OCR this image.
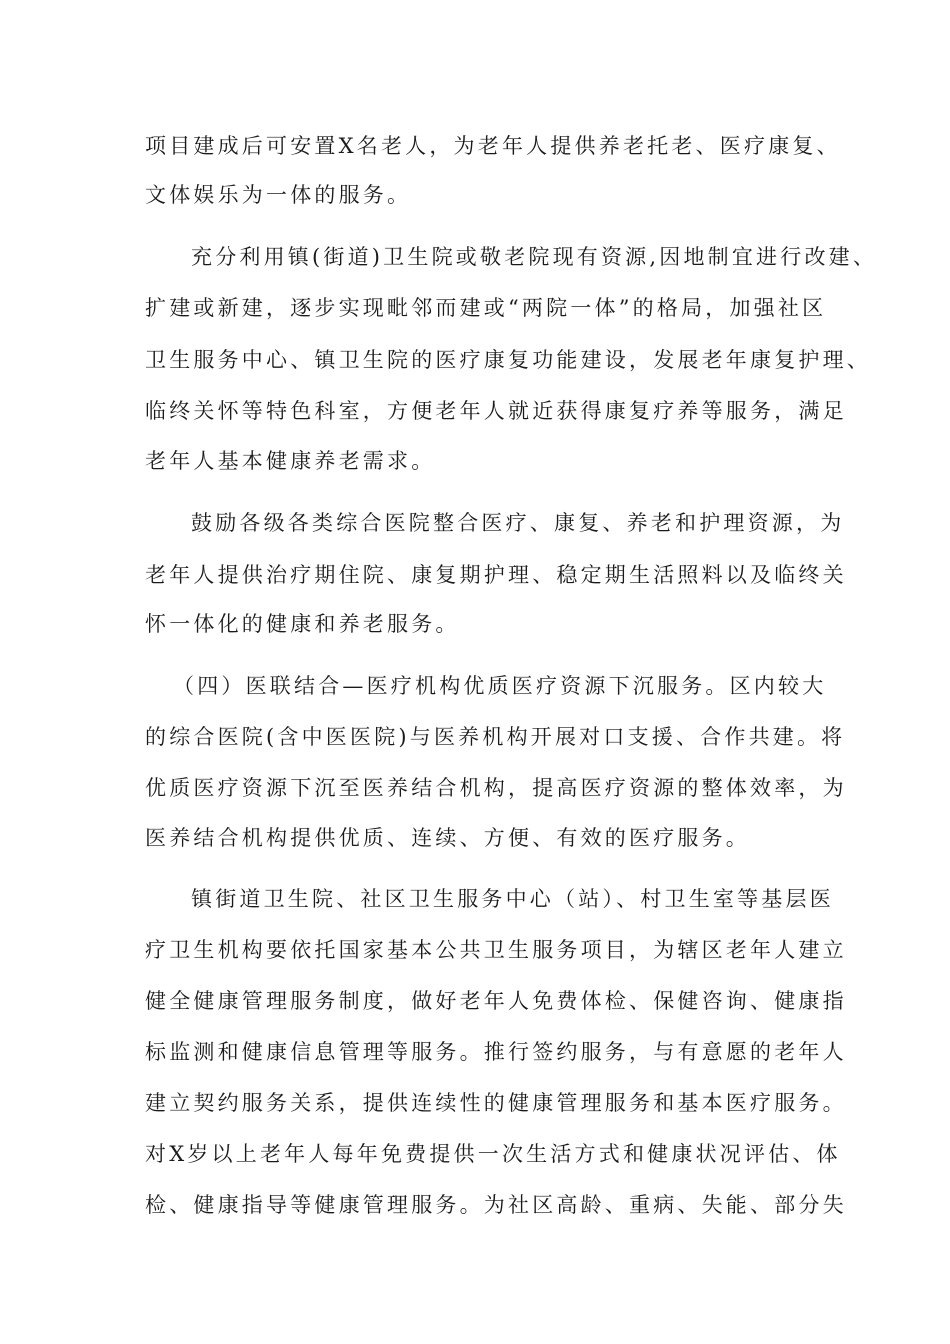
项目建成后可安置X名老人，为老年人提供养老托老、医疗康复、
文体娱乐为一体的服务。
充分利用镇(街道)卫生院或敬老院现有资源,因地制宜进行改建、
扩建或新建，逐步实现毗邻而建或“两院一体”的格局，加强社区
卫生服务中心、镇卫生院的医疗康复功能建设，发展老年康复护理、
临终关怀等特色科室，方便老年人就近获得康复疗养等服务，满足
老年人基本健康养老需求。
鼓励各级各类综合医院整合医疗、康复、养老和护理资源，为
老年人提供治疗期住院、康复期护理、稳定期生活照料以及临终关
怀一体化的健康和养老服务。
（四）医联结合—医疗机构优质医疗资源下沉服务。区内较大
的综合医院(含中医医院)与医养机构开展对口支援、合作共建。将
优质医疗资源下沉至医养结合机构，提高医疗资源的整体效率，为
医养结合机构提供优质、连续、方便、有效的医疗服务。
镇街道卫生院、社区卫生服务中心（站）、村卫生室等基层医
疗卫生机构要依托国家基本公共卫生服务项目，为辖区老年人建立
健全健康管理服务制度，做好老年人免费体检、保健咨询、健康指
标监测和健康信息管理等服务。推行签约服务，与有意愿的老年人
建立契约服务关系，提供连续性的健康管理服务和基本医疗服务。
对X岁以上老年人每年免费提供一次生活方式和健康状况评估、体
检、健康指导等健康管理服务。为社区高龄、重病、失能、部分失
